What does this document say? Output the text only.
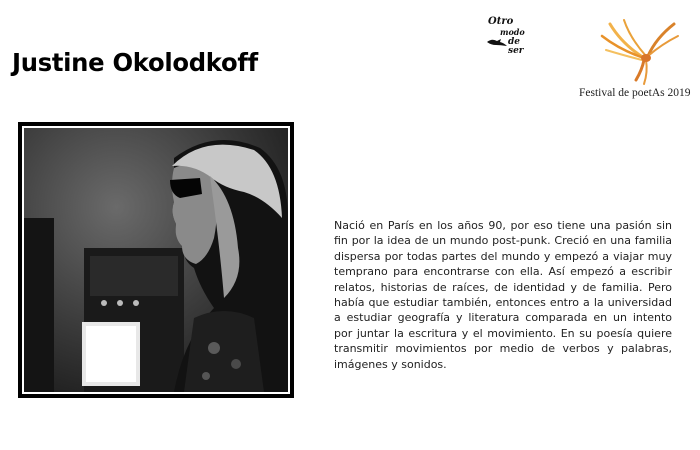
Justine Okolodkoff
Otro
modo
de ser
Festival de poetAs 2019
Nació en París en los años 90, por eso tiene una pasión sin fin por la idea de un mundo post-punk. Creció en una familia dispersa por todas partes del mundo y empezó a viajar muy temprano para encontrarse con ella. Así empezó a escribir relatos, historias de raíces, de identidad y de familia. Pero había que estudiar también, entonces entro a la universidad a estudiar geografía y literatura comparada en un intento por juntar la escritura y el movimiento. En su poesía quiere transmitir movimientos por medio de verbos y palabras, imágenes y sonidos.
